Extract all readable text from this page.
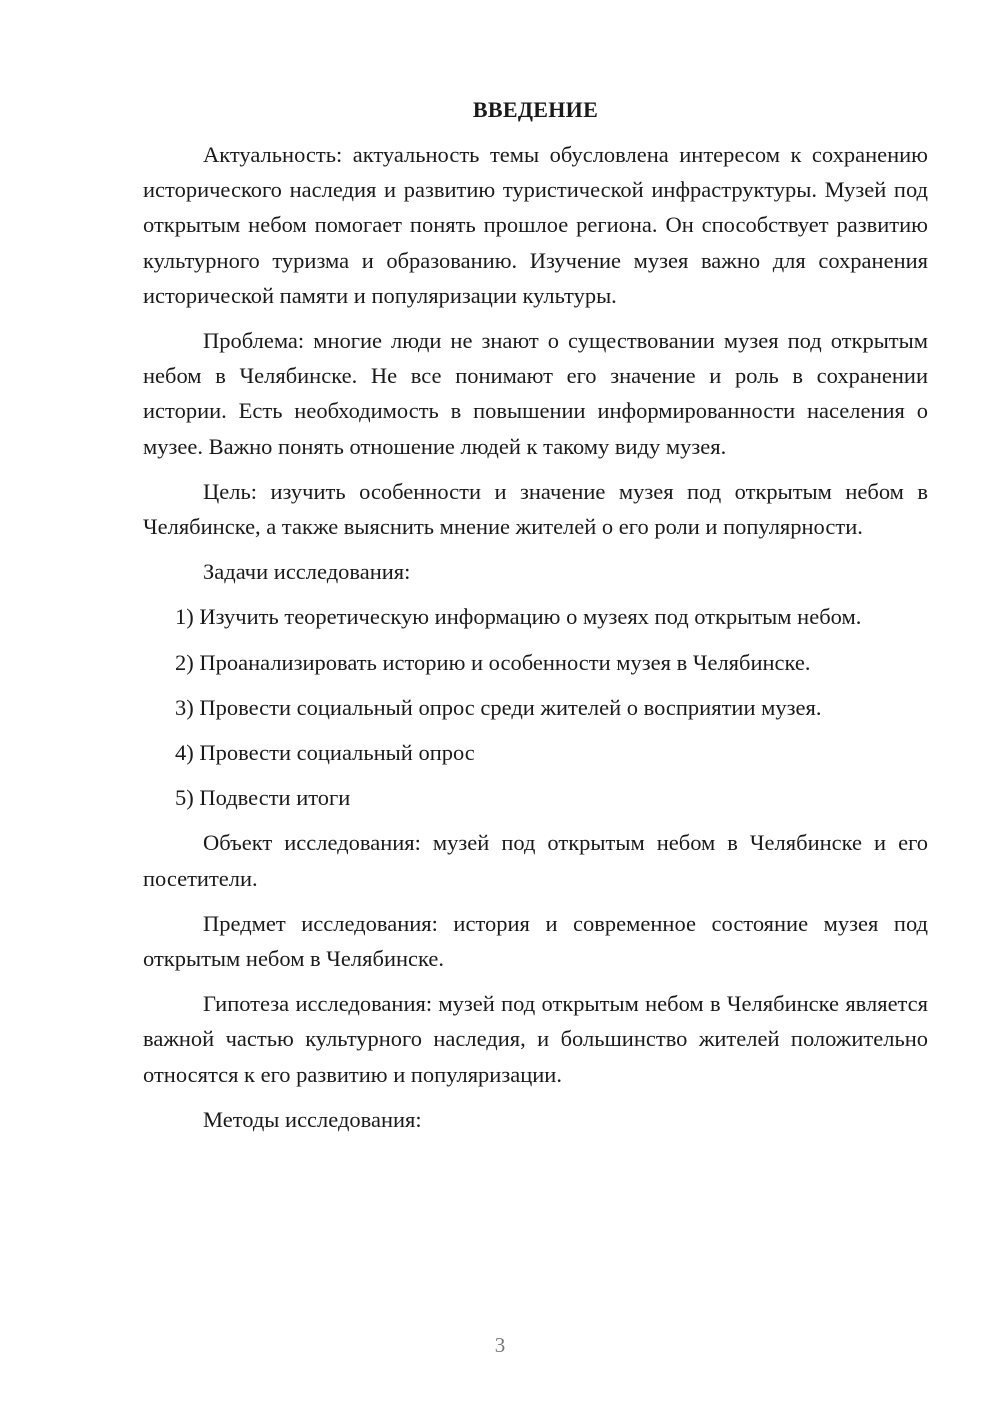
ВВЕДЕНИЕ

Актуальность: актуальность темы обусловлена интересом к сохранению исторического наследия и развитию туристической инфраструктуры. Музей под открытым небом помогает понять прошлое региона. Он способствует развитию культурного туризма и образованию. Изучение музея важно для сохранения исторической памяти и популяризации культуры.

Проблема: многие люди не знают о существовании музея под открытым небом в Челябинске. Не все понимают его значение и роль в сохранении истории. Есть необходимость в повышении информированности населения о музее. Важно понять отношение людей к такому виду музея.

Цель: изучить особенности и значение музея под открытым небом в Челябинске, а также выяснить мнение жителей о его роли и популярности.

Задачи исследования:

1) Изучить теоретическую информацию о музеях под открытым небом.

2) Проанализировать историю и особенности музея в Челябинске.

3) Провести социальный опрос среди жителей о восприятии музея.

4) Провести социальный опрос

5) Подвести итоги

Объект исследования: музей под открытым небом в Челябинске и его посетители.

Предмет исследования: история и современное состояние музея под открытым небом в Челябинске.

Гипотеза исследования: музей под открытым небом в Челябинске является важной частью культурного наследия, и большинство жителей положительно относятся к его развитию и популяризации.

Методы исследования:

3
